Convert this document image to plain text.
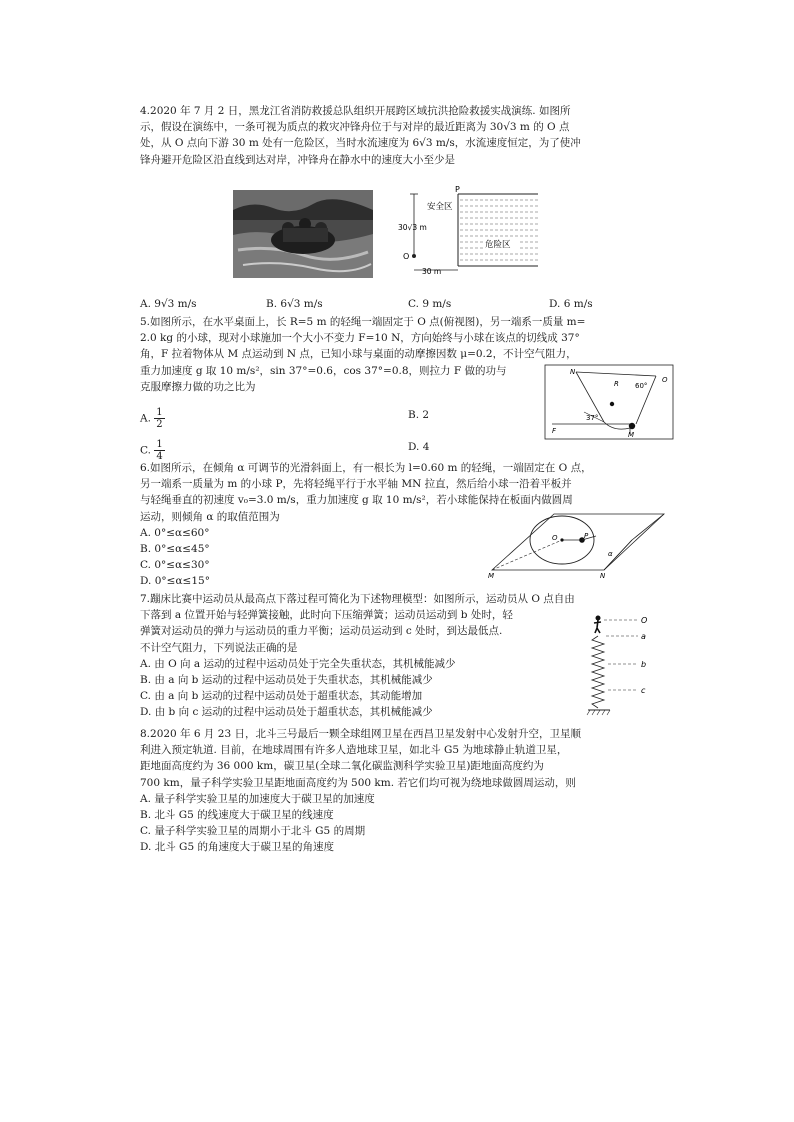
4.2020 年 7 月 2 日，黑龙江省消防救援总队组织开展跨区域抗洪抢险救援实战演练. 如图所

示，假设在演练中，一条可视为质点的救灾冲锋舟位于与对岸的最近距离为 30√3 m 的 O 点

处，从 O 点向下游 30 m 处有一危险区，当时水流速度为 6√3 m/s，水流速度恒定，为了使冲

锋舟避开危险区沿直线到达对岸，冲锋舟在静水中的速度大小至少是

P
安全区
危险区
30√3 m
O
30 m
A. 9√3 m/s	B. 6√3 m/s	C. 9 m/s	D. 6 m/s

5.如图所示，在水平桌面上，长 R=5 m 的轻绳一端固定于 O 点(俯视图)，另一端系一质量 m=

2.0 kg 的小球，现对小球施加一个大小不变力 F=10 N，方向始终与小球在该点的切线成 37°

角，F 拉着物体从 M 点运动到 N 点，已知小球与桌面的动摩擦因数 μ=0.2，不计空气阻力，

重力加速度 g 取 10 m/s²，sin 37°=0.6，cos 37°=0.8，则拉力 F 做的功与

克服摩擦力做的功之比为

A. $\frac{1}{2}$	B. 2
C. $\frac{1}{4}$	D. 4
N
O
R 60°
37°
F	M

6.如图所示，在倾角 α 可调节的光滑斜面上，有一根长为 l=0.60 m 的轻绳，一端固定在 O 点，

另一端系一质量为 m 的小球 P，先将轻绳平行于水平轴 MN 拉直，然后给小球一沿着平板并

与轻绳垂直的初速度 v₀=3.0 m/s，重力加速度 g 取 10 m/s²，若小球能保持在板面内做圆周

运动，则倾角 α 的取值范围为

A. 0°≤α≤60°

B. 0°≤α≤45°

C. 0°≤α≤30°

D. 0°≤α≤15°

O	P
α
M	N

7.蹦床比赛中运动员从最高点下落过程可简化为下述物理模型：如图所示，运动员从 O 点自由

下落到 a 位置开始与轻弹簧接触，此时向下压缩弹簧；运动员运动到 b 处时，轻

弹簧对运动员的弹力与运动员的重力平衡；运动员运动到 c 处时，到达最低点.

不计空气阻力，下列说法正确的是

A. 由 O 向 a 运动的过程中运动员处于完全失重状态，其机械能减少

B. 由 a 向 b 运动的过程中运动员处于失重状态，其机械能减少

C. 由 a 向 b 运动的过程中运动员处于超重状态，其动能增加

D. 由 b 向 c 运动的过程中运动员处于超重状态，其机械能减少

O
a
b
c

8.2020 年 6 月 23 日，北斗三号最后一颗全球组网卫星在西昌卫星发射中心发射升空，卫星顺

利进入预定轨道. 目前，在地球周围有许多人造地球卫星，如北斗 G5 为地球静止轨道卫星，

距地面高度约为 36 000 km，碳卫星(全球二氧化碳监测科学实验卫星)距地面高度约为

700 km，量子科学实验卫星距地面高度约为 500 km. 若它们均可视为绕地球做圆周运动，则

A. 量子科学实验卫星的加速度大于碳卫星的加速度

B. 北斗 G5 的线速度大于碳卫星的线速度

C. 量子科学实验卫星的周期小于北斗 G5 的周期

D. 北斗 G5 的角速度大于碳卫星的角速度
